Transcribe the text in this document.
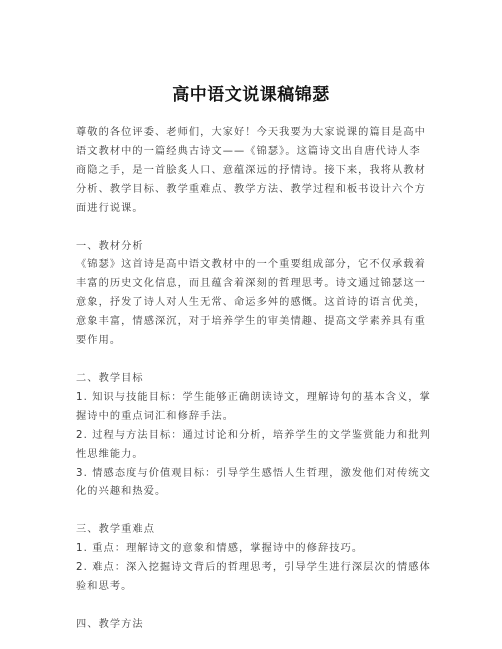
高中语文说课稿锦瑟

尊敬的各位评委、老师们，大家好！今天我要为大家说课的篇目是高中语文教材中的一篇经典古诗文——《锦瑟》。这篇诗文出自唐代诗人李商隐之手，是一首脍炙人口、意蕴深远的抒情诗。接下来，我将从教材分析、教学目标、教学重难点、教学方法、教学过程和板书设计六个方面进行说课。

一、教材分析

《锦瑟》这首诗是高中语文教材中的一个重要组成部分，它不仅承载着丰富的历史文化信息，而且蕴含着深刻的哲理思考。诗文通过锦瑟这一意象，抒发了诗人对人生无常、命运多舛的感慨。这首诗的语言优美，意象丰富，情感深沉，对于培养学生的审美情趣、提高文学素养具有重要作用。

二、教学目标

1. 知识与技能目标：学生能够正确朗读诗文，理解诗句的基本含义，掌握诗中的重点词汇和修辞手法。

2. 过程与方法目标：通过讨论和分析，培养学生的文学鉴赏能力和批判性思维能力。

3. 情感态度与价值观目标：引导学生感悟人生哲理，激发他们对传统文化的兴趣和热爱。

三、教学重难点

1. 重点：理解诗文的意象和情感，掌握诗中的修辞技巧。

2. 难点：深入挖掘诗文背后的哲理思考，引导学生进行深层次的情感体验和思考。

四、教学方法
